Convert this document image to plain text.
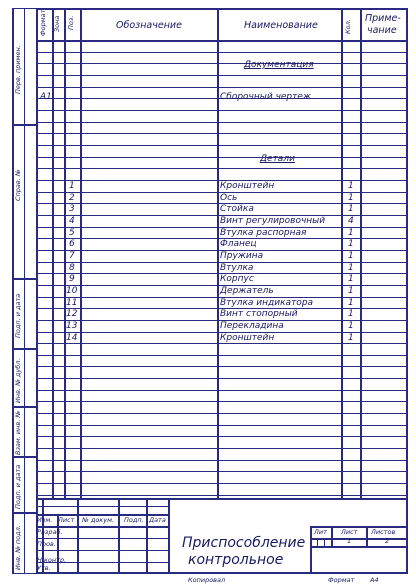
Формат Зона Поз.	Обозначение	Наименование	Кол.
Приме-
чание
Перв. примен.
Справ. №
Подп. и дата
Инв. № дубл.
Взам. инв. №
Подп. и дата
Инв. № подл.
Документация
А1	Сборочный чертеж
Детали
1	Кронштейн	1
2	Ось	1
3	Стойка	1
4	Винт регулировочный	4
5	Втулка распорная	1
6	Фланец	1
7	Пружина	1
8	Втулка	1
9	Корпус	1
10	Держатель	1
11	Втулка индикатора	1
12	Винт стопорный	1
13	Перекладина	1
14	Кронштейн	1
Изм. Лист № докум. Подп. Дата
Разраб.
Пров.
Н.контр.
Утв.
Приспособление
контрольное
Лит Лист Листов
1	2
Копировал	Формат А4
